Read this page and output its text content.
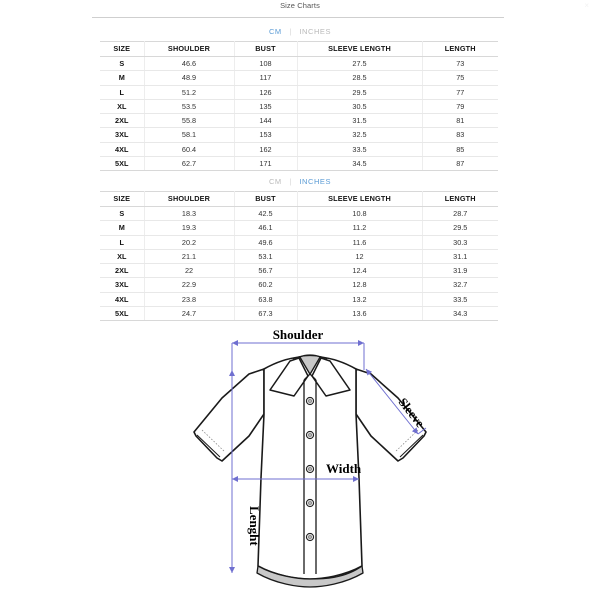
Size Charts	×
CM | INCHES
SIZE	SHOULDER	BUST	SLEEVE LENGTH	LENGTH
S	46.6	108	27.5	73
M	48.9	117	28.5	75
L	51.2	126	29.5	77
XL	53.5	135	30.5	79
2XL	55.8	144	31.5	81
3XL	58.1	153	32.5	83
4XL	60.4	162	33.5	85
5XL	62.7	171	34.5	87
CM | INCHES
SIZE	SHOULDER	BUST	SLEEVE LENGTH	LENGTH
S	18.3	42.5	10.8	28.7
M	19.3	46.1	11.2	29.5
L	20.2	49.6	11.6	30.3
XL	21.1	53.1	12	31.1
2XL	22	56.7	12.4	31.9
3XL	22.9	60.2	12.8	32.7
4XL	23.8	63.8	13.2	33.5
5XL	24.7	67.3	13.6	34.3
Shoulder
Sleeve
Width
Lenght
